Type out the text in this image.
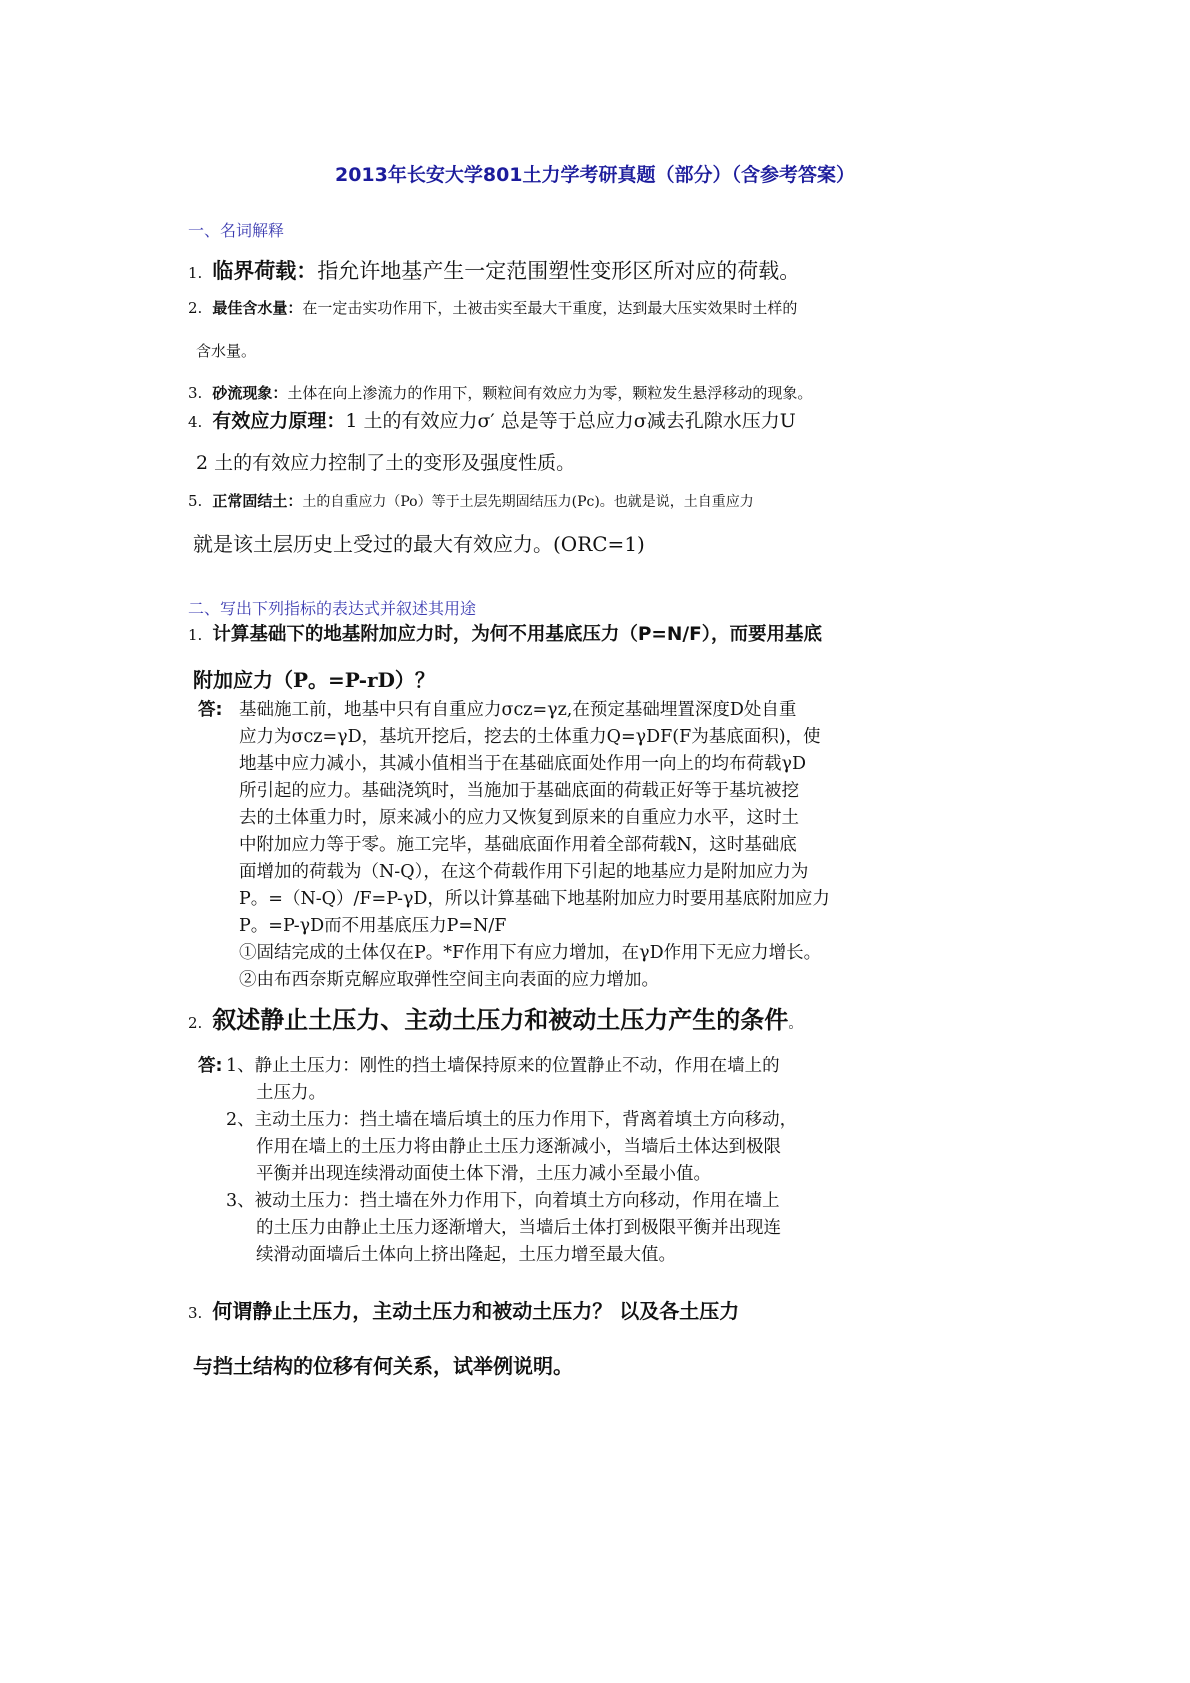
2013年长安大学801土力学考研真题（部分）（含参考答案）
一、名词解释
1. 临界荷载：指允许地基产生一定范围塑性变形区所对应的荷载。
2. 最佳含水量：在一定击实功作用下，土被击实至最大干重度，达到最大压实效果时土样的
含水量。
3. 砂流现象：土体在向上渗流力的作用下，颗粒间有效应力为零，颗粒发生悬浮移动的现象。
4. 有效应力原理：1 土的有效应力σ′ 总是等于总应力σ减去孔隙水压力U
2 土的有效应力控制了土的变形及强度性质。
5. 正常固结土：土的自重应力（Po）等于土层先期固结压力(Pc)。也就是说，土自重应力
就是该土层历史上受过的最大有效应力。(ORC=1)
二、写出下列指标的表达式并叙述其用途
1. 计算基础下的地基附加应力时，为何不用基底压力（P=N/F），而要用基底
附加应力（P。=P-rD）？
答: 基础施工前，地基中只有自重应力σcz=γz,在预定基础埋置深度D处自重
应力为σcz=γD，基坑开挖后，挖去的土体重力Q=γDF(F为基底面积)，使
地基中应力减小，其减小值相当于在基础底面处作用一向上的均布荷载γD
所引起的应力。基础浇筑时，当施加于基础底面的荷载正好等于基坑被挖
去的土体重力时，原来减小的应力又恢复到原来的自重应力水平，这时土
中附加应力等于零。施工完毕，基础底面作用着全部荷载N，这时基础底
面增加的荷载为（N-Q），在这个荷载作用下引起的地基应力是附加应力为
P。=（N-Q）/F=P-γD，所以计算基础下地基附加应力时要用基底附加应力
P。=P-γD而不用基底压力P=N/F
①固结完成的土体仅在P。*F作用下有应力增加，在γD作用下无应力增长。
②由布西奈斯克解应取弹性空间主向表面的应力增加。
2. 叙述静止土压力、主动土压力和被动土压力产生的条件。
答: 1、静止土压力：刚性的挡土墙保持原来的位置静止不动，作用在墙上的
土压力。
2、主动土压力：挡土墙在墙后填土的压力作用下，背离着填土方向移动，
作用在墙上的土压力将由静止土压力逐渐减小，当墙后土体达到极限
平衡并出现连续滑动面使土体下滑，土压力减小至最小值。
3、被动土压力：挡土墙在外力作用下，向着填土方向移动，作用在墙上
的土压力由静止土压力逐渐增大，当墙后土体打到极限平衡并出现连
续滑动面墙后土体向上挤出隆起，土压力增至最大值。
3. 何谓静止土压力，主动土压力和被动土压力？ 以及各土压力
与挡土结构的位移有何关系，试举例说明。
